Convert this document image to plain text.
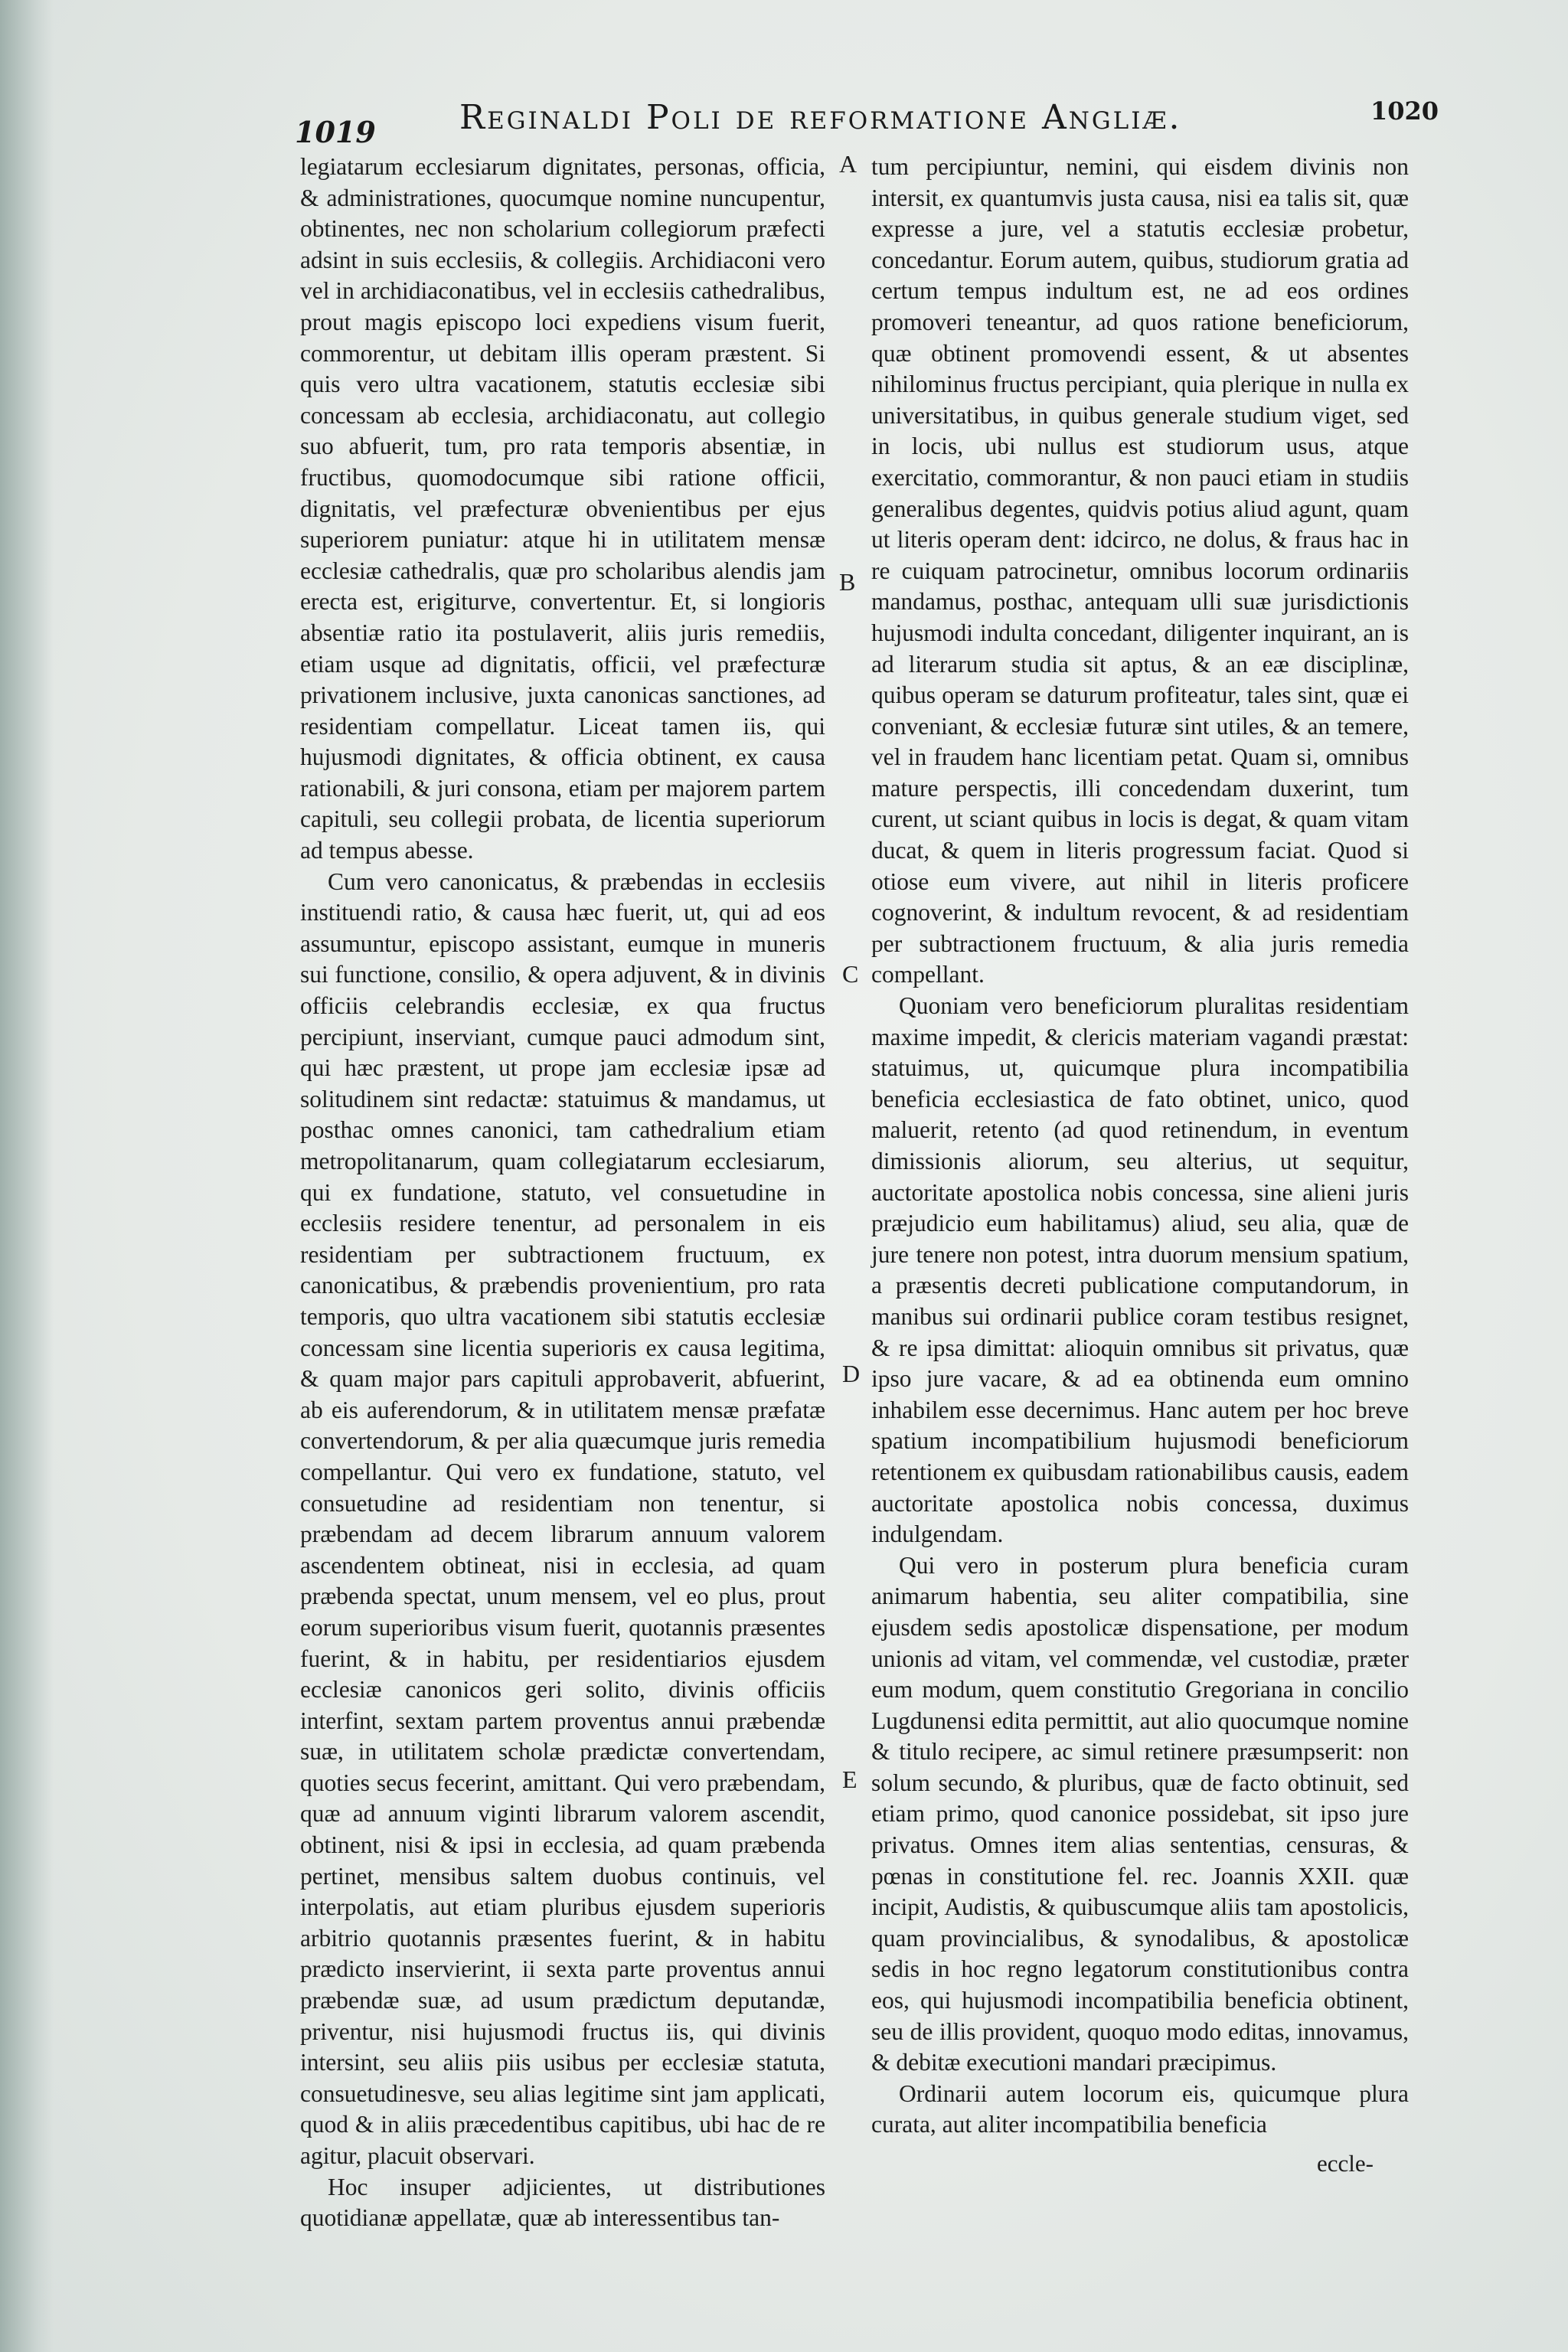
1019 Reginaldi Poli de reformatione Angliæ.	1020

legiatarum ecclesiarum dignitates, personas, officia, & administrationes, quocumque nomine nuncupentur, obtinentes, nec non scholarium collegiorum præfecti adsint in suis ecclesiis, & collegiis. Archidiaconi vero vel in archidiaconatibus, vel in ecclesiis cathedralibus, prout magis episcopo loci expediens visum fuerit, commorentur, ut debitam illis operam præstent. Si quis vero ultra vacationem, statutis ecclesiæ sibi concessam ab ecclesia, archidiaconatu, aut collegio suo abfuerit, tum, pro rata temporis absentiæ, in fructibus, quomodocumque sibi ratione officii, dignitatis, vel præfecturæ obvenientibus per ejus superiorem puniatur: atque hi in utilitatem mensæ ecclesiæ cathedralis, quæ pro scholaribus alendis jam erecta est, erigiturve, convertentur. Et, si longioris absentiæ ratio ita postulaverit, aliis juris remediis, etiam usque ad dignitatis, officii, vel præfecturæ privationem inclusive, juxta canonicas sanctiones, ad residentiam compellatur. Liceat tamen iis, qui hujusmodi dignitates, & officia obtinent, ex causa rationabili, & juri consona, etiam per majorem partem capituli, seu collegii probata, de licentia superiorum ad tempus abesse.

Cum vero canonicatus, & præbendas in ecclesiis instituendi ratio, & causa hæc fuerit, ut, qui ad eos assumuntur, episcopo assistant, eumque in muneris sui functione, consilio, & opera adjuvent, & in divinis officiis celebrandis ecclesiæ, ex qua fructus percipiunt, inserviant, cumque pauci admodum sint, qui hæc præstent, ut prope jam ecclesiæ ipsæ ad solitudinem sint redactæ: statuimus & mandamus, ut posthac omnes canonici, tam cathedralium etiam metropolitanarum, quam collegiatarum ecclesiarum, qui ex fundatione, statuto, vel consuetudine in ecclesiis residere tenentur, ad personalem in eis residentiam per subtractionem fructuum, ex canonicatibus, & præbendis provenientium, pro rata temporis, quo ultra vacationem sibi statutis ecclesiæ concessam sine licentia superioris ex causa legitima, & quam major pars capituli approbaverit, abfuerint, ab eis auferendorum, & in utilitatem mensæ præfatæ convertendorum, & per alia quæcumque juris remedia compellantur. Qui vero ex fundatione, statuto, vel consuetudine ad residentiam non tenentur, si præbendam ad decem librarum annuum valorem ascendentem obtineat, nisi in ecclesia, ad quam præbenda spectat, unum mensem, vel eo plus, prout eorum superioribus visum fuerit, quotannis præsentes fuerint, & in habitu, per residentiarios ejusdem ecclesiæ canonicos geri solito, divinis officiis interfint, sextam partem proventus annui præbendæ suæ, in utilitatem scholæ prædictæ convertendam, quoties secus fecerint, amittant. Qui vero præbendam, quæ ad annuum viginti librarum valorem ascendit, obtinent, nisi & ipsi in ecclesia, ad quam præbenda pertinet, mensibus saltem duobus continuis, vel interpolatis, aut etiam pluribus ejusdem superioris arbitrio quotannis præsentes fuerint, & in habitu prædicto inservierint, ii sexta parte proventus annui præbendæ suæ, ad usum prædictum deputandæ, priventur, nisi hujusmodi fructus iis, qui divinis intersint, seu aliis piis usibus per ecclesiæ statuta, consuetudinesve, seu alias legitime sint jam applicati, quod & in aliis præcedentibus capitibus, ubi hac de re agitur, placuit observari.

Hoc insuper adjicientes, ut distributiones quotidianæ appellatæ, quæ ab interessentibus tan-

tum percipiuntur, nemini, qui eisdem divinis non intersit, ex quantumvis justa causa, nisi ea talis sit, quæ expresse a jure, vel a statutis ecclesiæ probetur, concedantur. Eorum autem, quibus, studiorum gratia ad certum tempus indultum est, ne ad eos ordines promoveri teneantur, ad quos ratione beneficiorum, quæ obtinent promovendi essent, & ut absentes nihilominus fructus percipiant, quia plerique in nulla ex universitatibus, in quibus generale studium viget, sed in locis, ubi nullus est studiorum usus, atque exercitatio, commorantur, & non pauci etiam in studiis generalibus degentes, quidvis potius aliud agunt, quam ut literis operam dent: idcirco, ne dolus, & fraus hac in re cuiquam patrocinetur, omnibus locorum ordinariis mandamus, posthac, antequam ulli suæ jurisdictionis hujusmodi indulta concedant, diligenter inquirant, an is ad literarum studia sit aptus, & an eæ disciplinæ, quibus operam se daturum profiteatur, tales sint, quæ ei conveniant, & ecclesiæ futuræ sint utiles, & an temere, vel in fraudem hanc licentiam petat. Quam si, omnibus mature perspectis, illi concedendam duxerint, tum curent, ut sciant quibus in locis is degat, & quam vitam ducat, & quem in literis progressum faciat. Quod si otiose eum vivere, aut nihil in literis proficere cognoverint, & indultum revocent, & ad residentiam per subtractionem fructuum, & alia juris remedia compellant.

Quoniam vero beneficiorum pluralitas residentiam maxime impedit, & clericis materiam vagandi præstat: statuimus, ut, quicumque plura incompatibilia beneficia ecclesiastica de fato obtinet, unico, quod maluerit, retento (ad quod retinendum, in eventum dimissionis aliorum, seu alterius, ut sequitur, auctoritate apostolica nobis concessa, sine alieni juris præjudicio eum habilitamus) aliud, seu alia, quæ de jure tenere non potest, intra duorum mensium spatium, a præsentis decreti publicatione computandorum, in manibus sui ordinarii publice coram testibus resignet, & re ipsa dimittat: alioquin omnibus sit privatus, quæ ipso jure vacare, & ad ea obtinenda eum omnino inhabilem esse decernimus. Hanc autem per hoc breve spatium incompatibilium hujusmodi beneficiorum retentionem ex quibusdam rationabilibus causis, eadem auctoritate apostolica nobis concessa, duximus indulgendam.

Qui vero in posterum plura beneficia curam animarum habentia, seu aliter compatibilia, sine ejusdem sedis apostolicæ dispensatione, per modum unionis ad vitam, vel commendæ, vel custodiæ, præter eum modum, quem constitutio Gregoriana in concilio Lugdunensi edita permittit, aut alio quocumque nomine & titulo recipere, ac simul retinere præsumpserit: non solum secundo, & pluribus, quæ de facto obtinuit, sed etiam primo, quod canonice possidebat, sit ipso jure privatus. Omnes item alias sententias, censuras, & pœnas in constitutione fel. rec. Joannis XXII. quæ incipit, Audistis, & quibuscumque aliis tam apostolicis, quam provincialibus, & synodalibus, & apostolicæ sedis in hoc regno legatorum constitutionibus contra eos, qui hujusmodi incompatibilia beneficia obtinent, seu de illis provident, quoquo modo editas, innovamus, & debitæ executioni mandari præcipimus.

Ordinarii autem locorum eis, quicumque plura curata, aut aliter incompatibilia beneficia

A
B
C
D
E
eccle-
